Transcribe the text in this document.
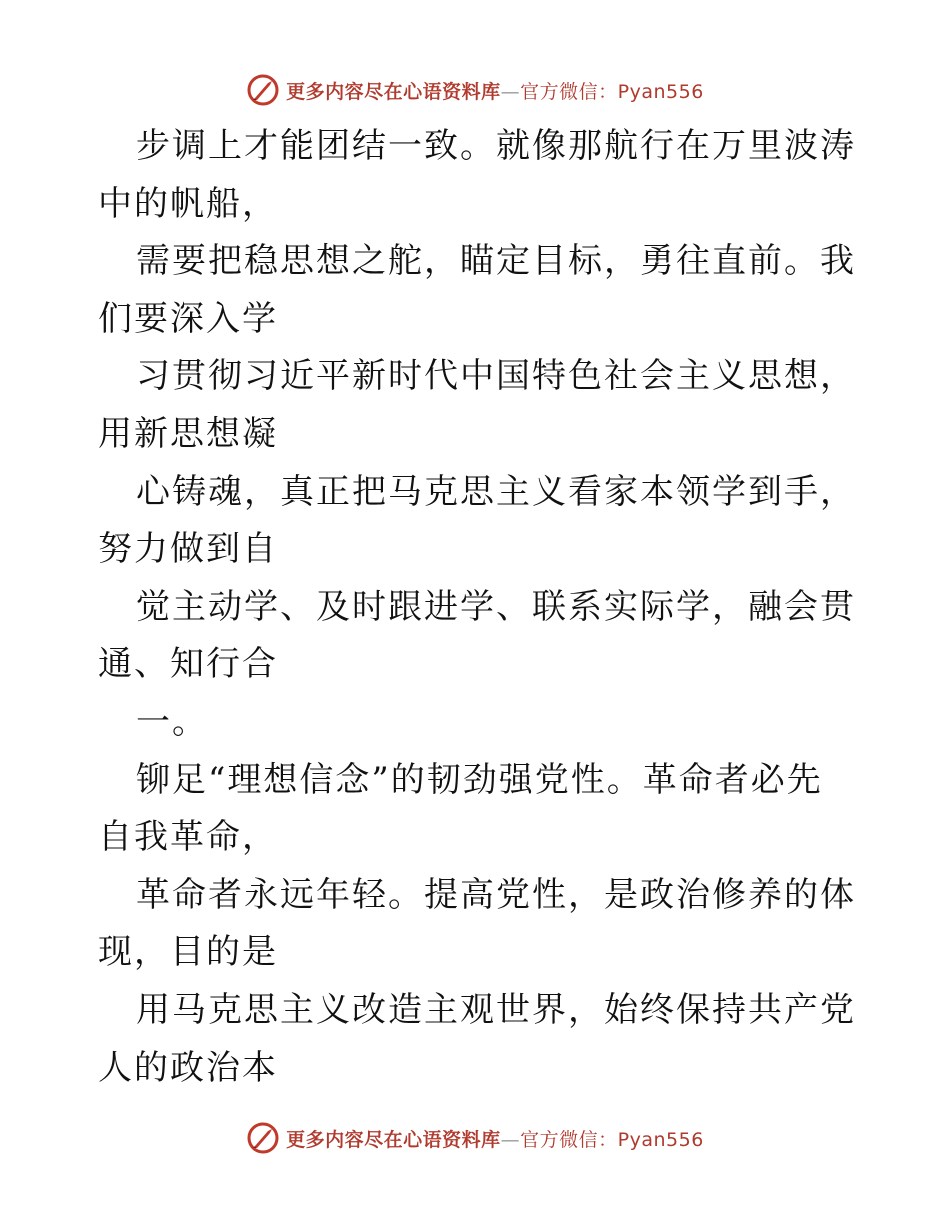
更多内容尽在心语资料库—官方微信：Pyan556

步调上才能团结一致。就像那航行在万里波涛中的帆船，

需要把稳思想之舵，瞄定目标，勇往直前。我们要深入学

习贯彻习近平新时代中国特色社会主义思想，用新思想凝

心铸魂，真正把马克思主义看家本领学到手，努力做到自

觉主动学、及时跟进学、联系实际学，融会贯通、知行合

一。

铆足“理想信念”的韧劲强党性。革命者必先自我革命，

革命者永远年轻。提高党性，是政治修养的体现，目的是

用马克思主义改造主观世界，始终保持共产党人的政治本

更多内容尽在心语资料库—官方微信：Pyan556
